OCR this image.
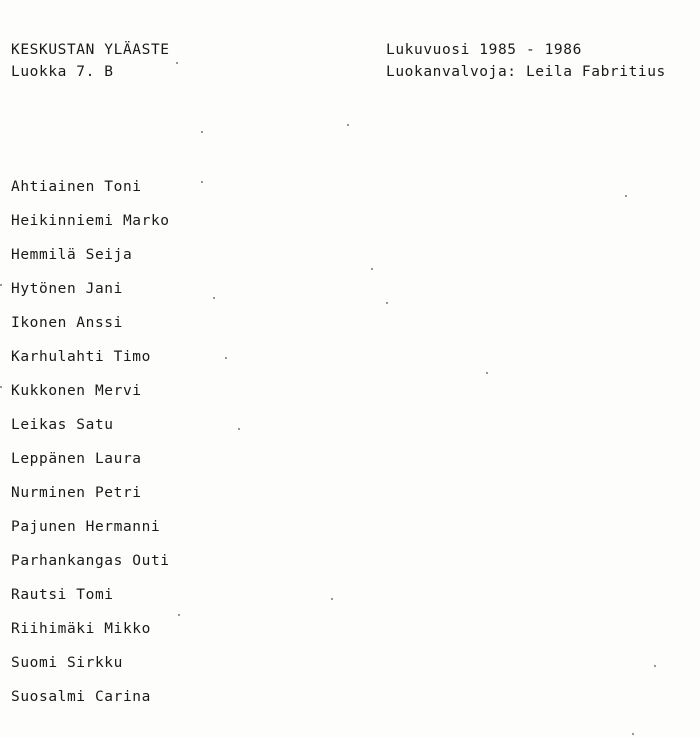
KESKUSTAN YLÄASTE
Luokka 7. B
Lukuvuosi 1985 - 1986
Luokanvalvoja: Leila Fabritius
Ahtiainen Toni
Heikinniemi Marko
Hemmilä Seija
Hytönen Jani
Ikonen Anssi
Karhulahti Timo
Kukkonen Mervi
Leikas Satu
Leppänen Laura
Nurminen Petri
Pajunen Hermanni
Parhankangas Outi
Rautsi Tomi
Riihimäki Mikko
Suomi Sirkku
Suosalmi Carina
